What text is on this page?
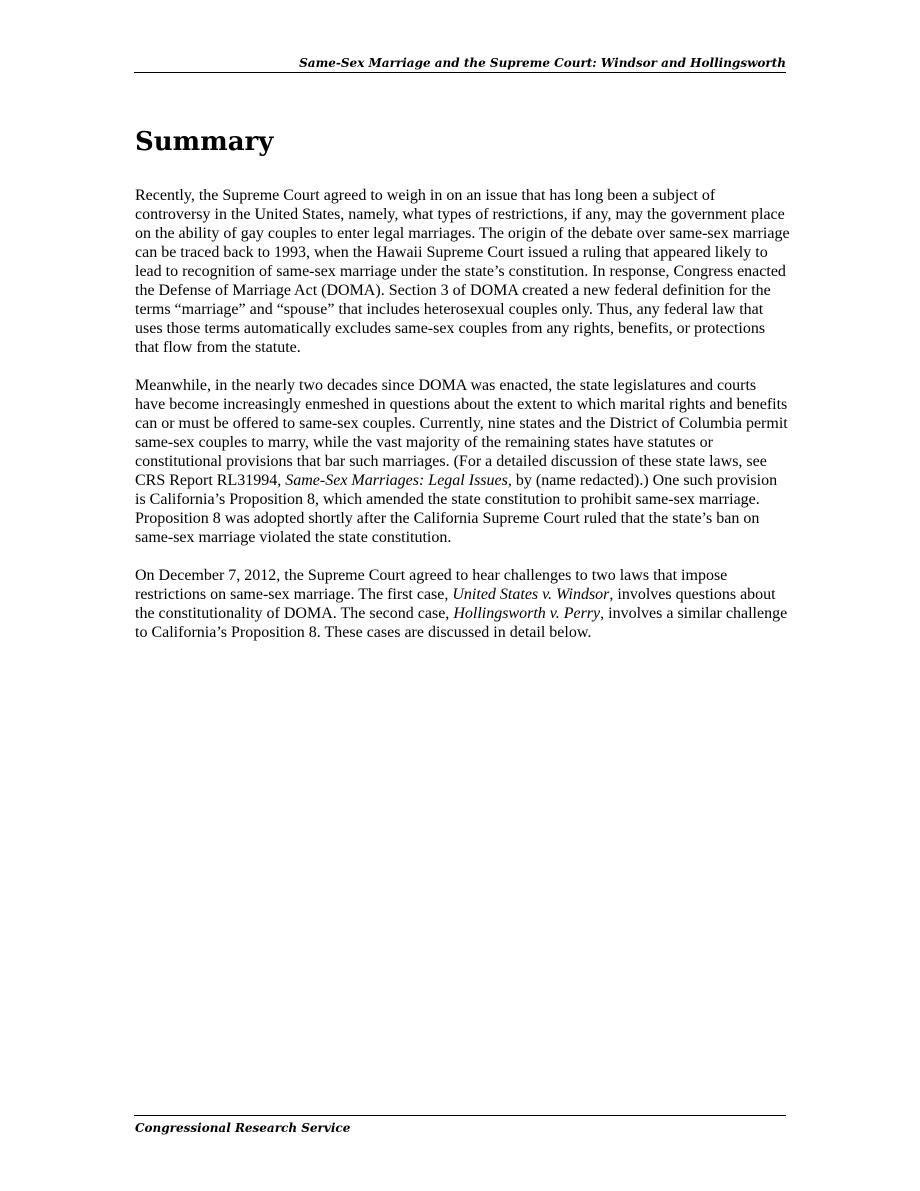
Same-Sex Marriage and the Supreme Court: Windsor and Hollingsworth
Summary

Recently, the Supreme Court agreed to weigh in on an issue that has long been a subject of controversy in the United States, namely, what types of restrictions, if any, may the government place on the ability of gay couples to enter legal marriages. The origin of the debate over same-sex marriage can be traced back to 1993, when the Hawaii Supreme Court issued a ruling that appeared likely to lead to recognition of same-sex marriage under the state’s constitution. In response, Congress enacted the Defense of Marriage Act (DOMA). Section 3 of DOMA created a new federal definition for the terms “marriage” and “spouse” that includes heterosexual couples only. Thus, any federal law that uses those terms automatically excludes same-sex couples from any rights, benefits, or protections that flow from the statute.

Meanwhile, in the nearly two decades since DOMA was enacted, the state legislatures and courts have become increasingly enmeshed in questions about the extent to which marital rights and benefits can or must be offered to same-sex couples. Currently, nine states and the District of Columbia permit same-sex couples to marry, while the vast majority of the remaining states have statutes or constitutional provisions that bar such marriages. (For a detailed discussion of these state laws, see CRS Report RL31994, Same-Sex Marriages: Legal Issues, by (name redacted).) One such provision is California’s Proposition 8, which amended the state constitution to prohibit same-sex marriage. Proposition 8 was adopted shortly after the California Supreme Court ruled that the state’s ban on same-sex marriage violated the state constitution.

On December 7, 2012, the Supreme Court agreed to hear challenges to two laws that impose restrictions on same-sex marriage. The first case, United States v. Windsor, involves questions about the constitutionality of DOMA. The second case, Hollingsworth v. Perry, involves a similar challenge to California’s Proposition 8. These cases are discussed in detail below.

Congressional Research Service
